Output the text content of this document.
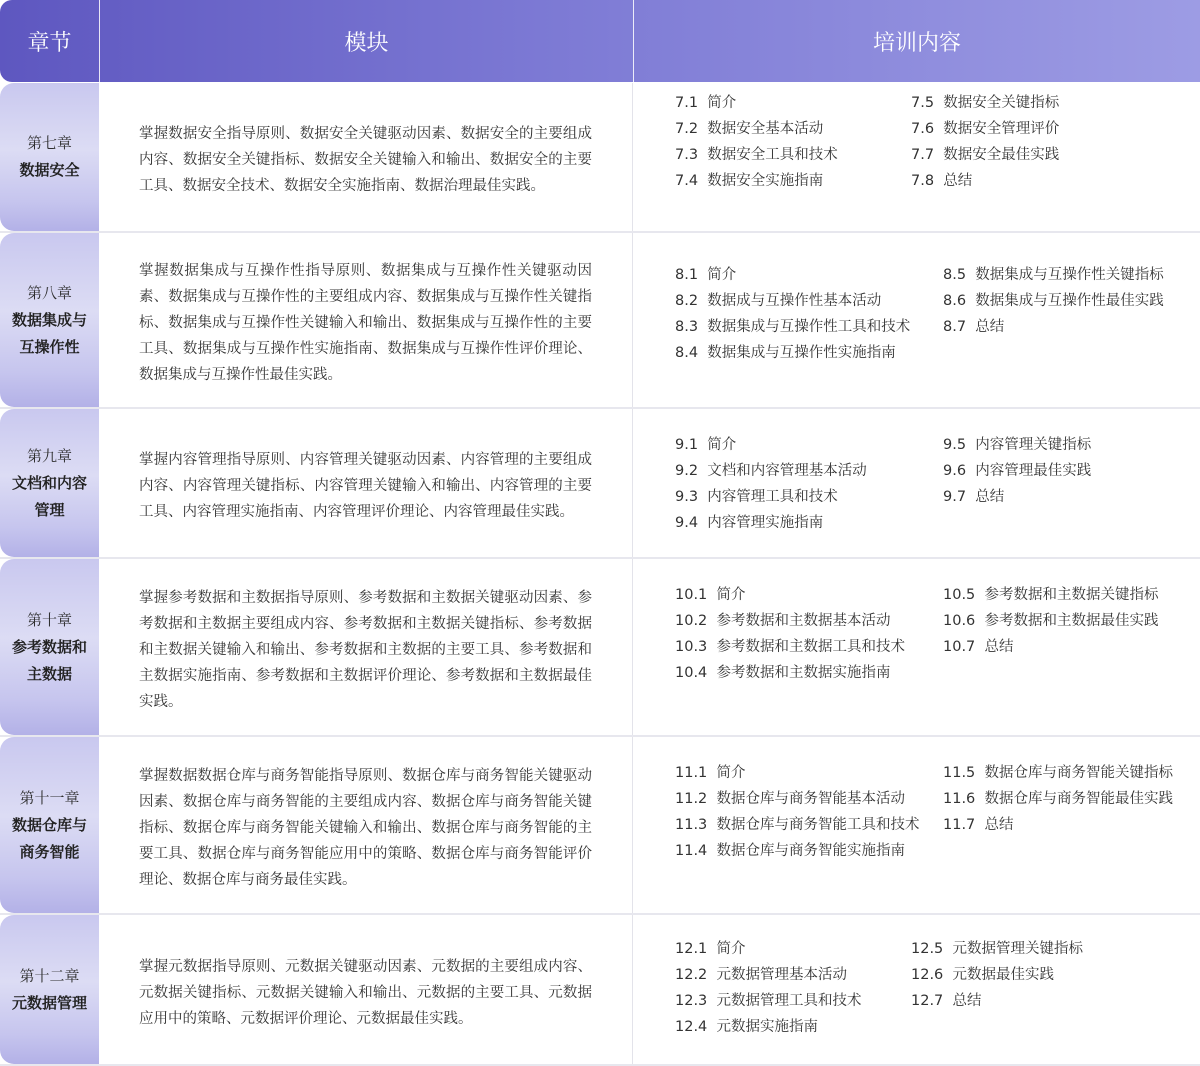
章节	模块	培训内容
第七章
数据安全
掌握数据安全指导原则、数据安全关键驱动因素、数据安全的主要组成内容、数据安全关键指标、数据安全关键输入和输出、数据安全的主要工具、数据安全技术、数据安全实施指南、数据治理最佳实践。
7.1 简介
7.2 数据安全基本活动
7.3 数据安全工具和技术
7.4 数据安全实施指南
7.5 数据安全关键指标
7.6 数据安全管理评价
7.7 数据安全最佳实践
7.8 总结
第八章
数据集成与互操作性
掌握数据集成与互操作性指导原则、数据集成与互操作性关键驱动因素、数据集成与互操作性的主要组成内容、数据集成与互操作性关键指标、数据集成与互操作性关键输入和输出、数据集成与互操作性的主要工具、数据集成与互操作性实施指南、数据集成与互操作性评价理论、数据集成与互操作性最佳实践。
8.1 简介
8.2 数据成与互操作性基本活动
8.3 数据集成与互操作性工具和技术
8.4 数据集成与互操作性实施指南
8.5 数据集成与互操作性关键指标
8.6 数据集成与互操作性最佳实践
8.7 总结
第九章
文档和内容管理
掌握内容管理指导原则、内容管理关键驱动因素、内容管理的主要组成内容、内容管理关键指标、内容管理关键输入和输出、内容管理的主要工具、内容管理实施指南、内容管理评价理论、内容管理最佳实践。
9.1 简介
9.2 文档和内容管理基本活动
9.3 内容管理工具和技术
9.4 内容管理实施指南
9.5 内容管理关键指标
9.6 内容管理最佳实践
9.7 总结
第十章
参考数据和主数据
掌握参考数据和主数据指导原则、参考数据和主数据关键驱动因素、参考数据和主数据主要组成内容、参考数据和主数据关键指标、参考数据和主数据关键输入和输出、参考数据和主数据的主要工具、参考数据和主数据实施指南、参考数据和主数据评价理论、参考数据和主数据最佳实践。
10.1 简介
10.2 参考数据和主数据基本活动
10.3 参考数据和主数据工具和技术
10.4 参考数据和主数据实施指南
10.5 参考数据和主数据关键指标
10.6 参考数据和主数据最佳实践
10.7 总结
第十一章
数据仓库与商务智能
掌握数据数据仓库与商务智能指导原则、数据仓库与商务智能关键驱动因素、数据仓库与商务智能的主要组成内容、数据仓库与商务智能关键指标、数据仓库与商务智能关键输入和输出、数据仓库与商务智能的主要工具、数据仓库与商务智能应用中的策略、数据仓库与商务智能评价理论、数据仓库与商务最佳实践。
11.1 简介
11.2 数据仓库与商务智能基本活动
11.3 数据仓库与商务智能工具和技术
11.4 数据仓库与商务智能实施指南
11.5 数据仓库与商务智能关键指标
11.6 数据仓库与商务智能最佳实践
11.7 总结
第十二章
元数据管理
掌握元数据指导原则、元数据关键驱动因素、元数据的主要组成内容、元数据关键指标、元数据关键输入和输出、元数据的主要工具、元数据应用中的策略、元数据评价理论、元数据最佳实践。
12.1 简介
12.2 元数据管理基本活动
12.3 元数据管理工具和技术
12.4 元数据实施指南
12.5 元数据管理关键指标
12.6 元数据最佳实践
12.7 总结
